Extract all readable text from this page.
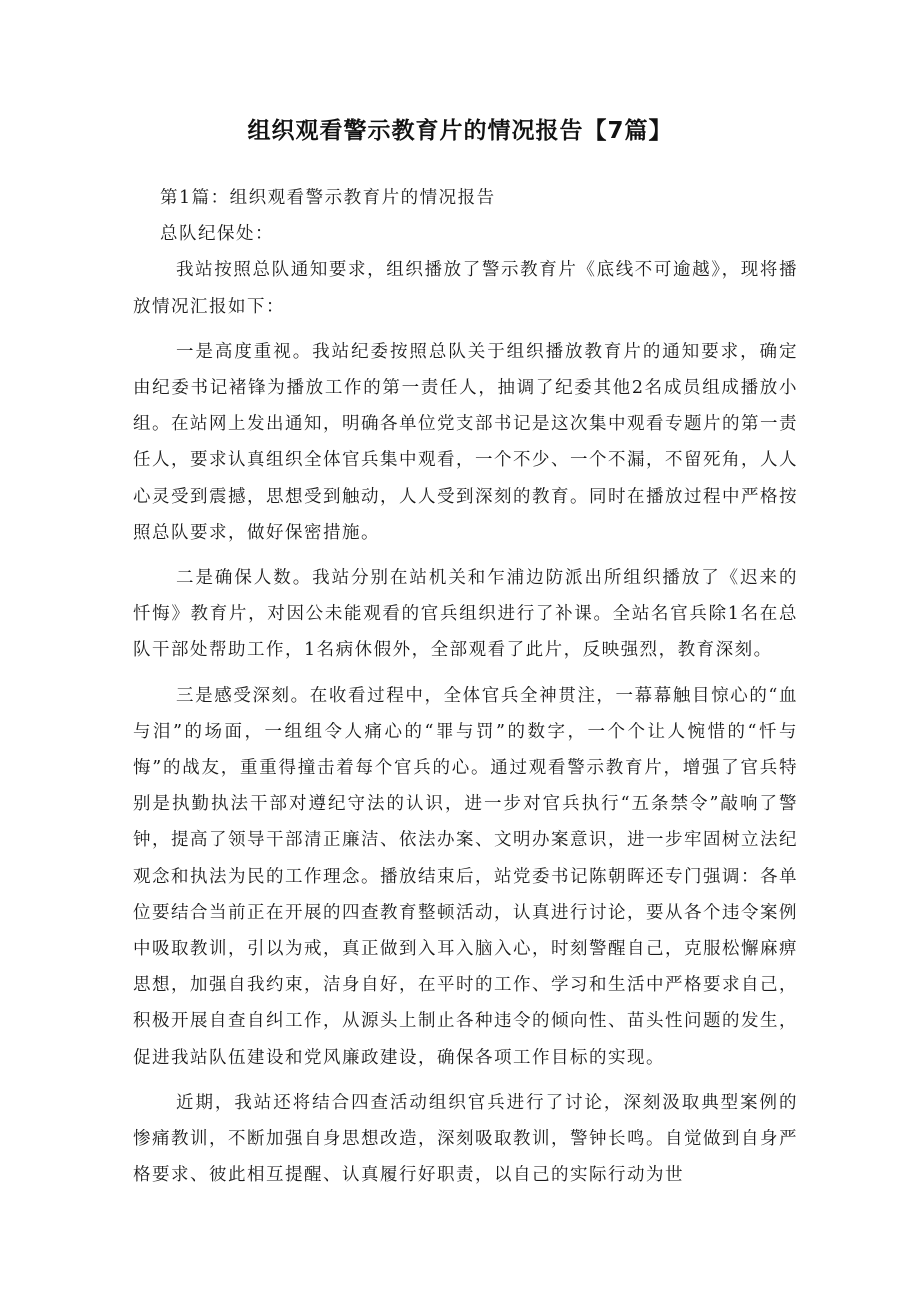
组织观看警示教育片的情况报告【7篇】

第1篇：组织观看警示教育片的情况报告

总队纪保处：

我站按照总队通知要求，组织播放了警示教育片《底线不可逾越》，现将播放情况汇报如下：

一是高度重视。我站纪委按照总队关于组织播放教育片的通知要求，确定由纪委书记褚锋为播放工作的第一责任人，抽调了纪委其他2名成员组成播放小组。在站网上发出通知，明确各单位党支部书记是这次集中观看专题片的第一责任人，要求认真组织全体官兵集中观看，一个不少、一个不漏，不留死角，人人心灵受到震撼，思想受到触动，人人受到深刻的教育。同时在播放过程中严格按照总队要求，做好保密措施。

二是确保人数。我站分别在站机关和乍浦边防派出所组织播放了《迟来的忏悔》教育片，对因公未能观看的官兵组织进行了补课。全站名官兵除1名在总队干部处帮助工作，1名病休假外，全部观看了此片，反映强烈，教育深刻。

三是感受深刻。在收看过程中，全体官兵全神贯注，一幕幕触目惊心的“血与泪”的场面，一组组令人痛心的“罪与罚”的数字，一个个让人惋惜的“忏与悔”的战友，重重得撞击着每个官兵的心。通过观看警示教育片，增强了官兵特别是执勤执法干部对遵纪守法的认识，进一步对官兵执行“五条禁令”敲响了警钟，提高了领导干部清正廉洁、依法办案、文明办案意识，进一步牢固树立法纪观念和执法为民的工作理念。播放结束后，站党委书记陈朝晖还专门强调：各单位要结合当前正在开展的四查教育整顿活动，认真进行讨论，要从各个违令案例中吸取教训，引以为戒，真正做到入耳入脑入心，时刻警醒自己，克服松懈麻痹思想，加强自我约束，洁身自好，在平时的工作、学习和生活中严格要求自己，积极开展自查自纠工作，从源头上制止各种违令的倾向性、苗头性问题的发生，促进我站队伍建设和党风廉政建设，确保各项工作目标的实现。

近期，我站还将结合四查活动组织官兵进行了讨论，深刻汲取典型案例的惨痛教训，不断加强自身思想改造，深刻吸取教训，警钟长鸣。自觉做到自身严格要求、彼此相互提醒、认真履行好职责，以自己的实际行动为世
